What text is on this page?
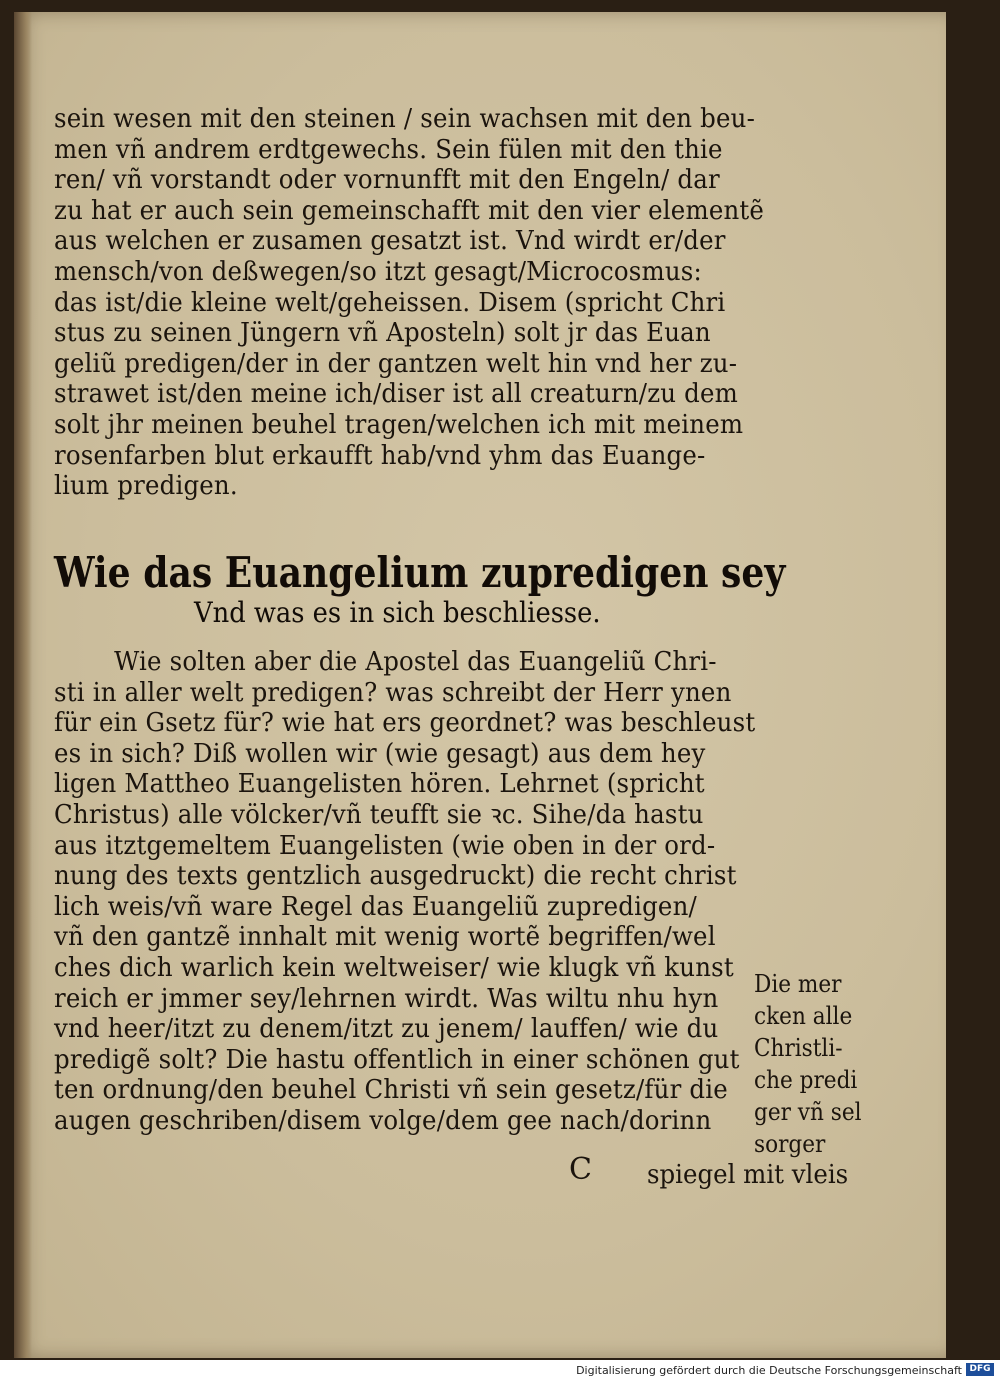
sein wesen mit den steinen / sein wachsen mit den beu-
men vñ andrem erdtgewechs. Sein fülen mit den thie
ren/ vñ vorstandt oder vornunfft mit den Engeln/ dar
zu hat er auch sein gemeinschafft mit den vier elementẽ
aus welchen er zusamen gesatzt ist. Vnd wirdt er/der
mensch/von deßwegen/so itzt gesagt/Microcosmus:
das ist/die kleine welt/geheissen. Disem (spricht Chri
stus zu seinen Jüngern vñ Aposteln) solt jr das Euan
geliũ predigen/der in der gantzen welt hin vnd her zu-
strawet ist/den meine ich/diser ist all creaturn/zu dem
solt jhr meinen beuhel tragen/welchen ich mit meinem
rosenfarben blut erkaufft hab/vnd yhm das Euange-
lium predigen.
Wie das Euangelium zupredigen sey
Vnd was es in sich beschliesse.
Wie solten aber die Apostel das Euangeliũ Chri-
sti in aller welt predigen? was schreibt der Herr ynen
für ein Gsetz für? wie hat ers geordnet? was beschleust
es in sich? Diß wollen wir (wie gesagt) aus dem hey
ligen Mattheo Euangelisten hören. Lehrnet (spricht
Christus) alle völcker/vñ teufft sie ꝛc. Sihe/da hastu
aus itztgemeltem Euangelisten (wie oben in der ord-
nung des texts gentzlich ausgedruckt) die recht christ
lich weis/vñ ware Regel das Euangeliũ zupredigen/
vñ den gantzẽ innhalt mit wenig wortẽ begriffen/wel
ches dich warlich kein weltweiser/ wie klugk vñ kunst
reich er jmmer sey/lehrnen wirdt. Was wiltu nhu hyn
vnd heer/itzt zu denem/itzt zu jenem/ lauffen/ wie du
predigẽ solt? Die hastu offentlich in einer schönen gut
ten ordnung/den beuhel Christi vñ sein gesetz/für die
augen geschriben/disem volge/dem gee nach/dorinn
Die mer
cken alle
Christli-
che predi
ger vñ sel
sorger
C spiegel mit vleis
Digitalisierung gefördert durch die Deutsche Forschungsgemeinschaft DFG
